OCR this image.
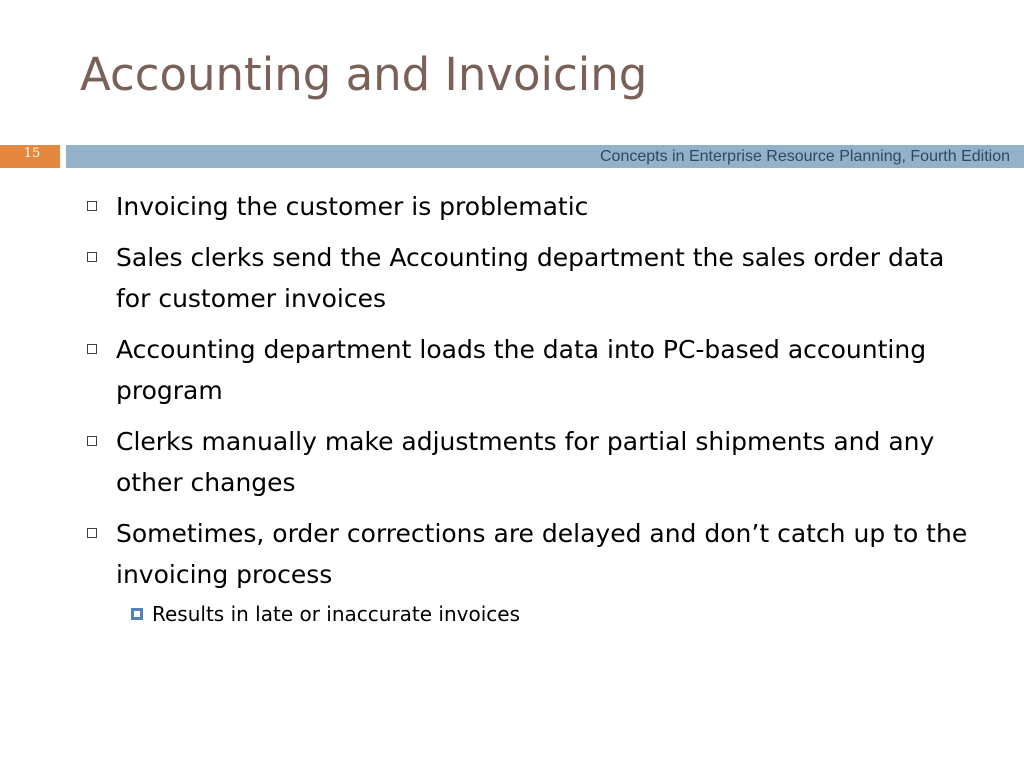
Accounting and Invoicing
15	Concepts in Enterprise Resource Planning, Fourth Edition
Invoicing the customer is problematic
Sales clerks send the Accounting department the sales order data for customer invoices
Accounting department loads the data into PC-based accounting program
Clerks manually make adjustments for partial shipments and any other changes
Sometimes, order corrections are delayed and don’t catch up to the invoicing process
Results in late or inaccurate invoices
